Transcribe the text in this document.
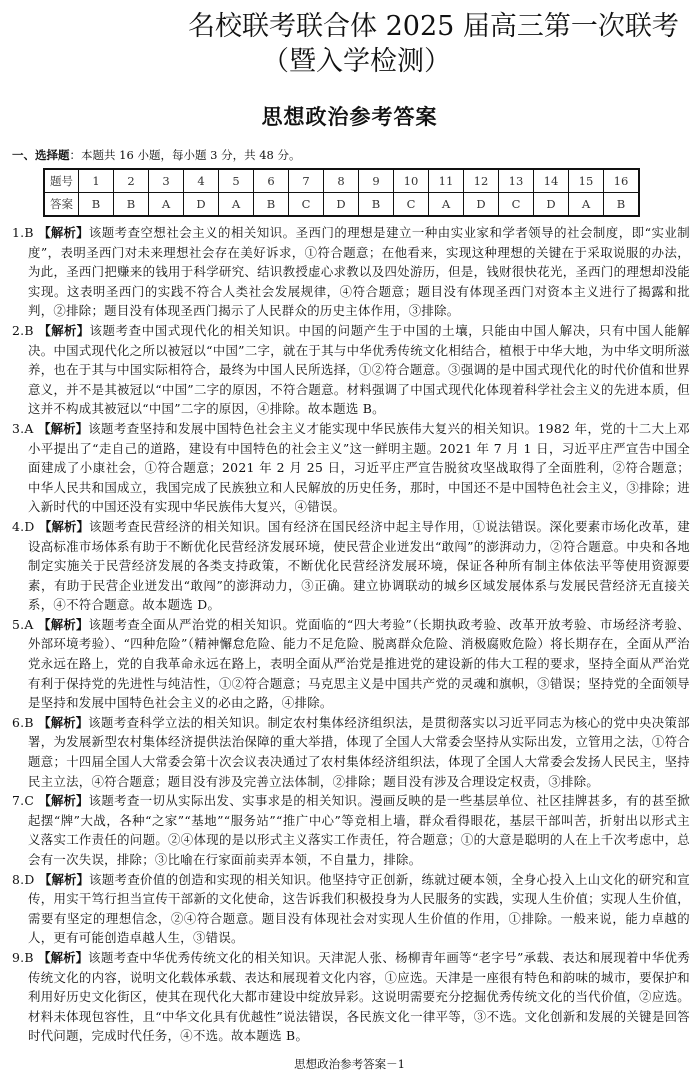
名校联考联合体 2025 届高三第一次联考
（暨入学检测）
思想政治参考答案
一、选择题：本题共 16 小题，每小题 3 分，共 48 分。
题号	1	2	3	4	5	6	7	8	9	10	11	12	13	14	15	16
答案	B	B	A	D	A	B	C	D	B	C	A	D	C	D	A	B
1.B 【解析】该题考查空想社会主义的相关知识。圣西门的理想是建立一种由实业家和学者领导的社会制度，即“实业制度”，表明圣西门对未来理想社会存在美好诉求，①符合题意；在他看来，实现这种理想的关键在于采取说服的办法，为此，圣西门把赚来的钱用于科学研究、结识教授虚心求教以及四处游历，但是，钱财很快花光，圣西门的理想却没能实现。这表明圣西门的实践不符合人类社会发展规律，④符合题意；题目没有体现圣西门对资本主义进行了揭露和批判，②排除；题目没有体现圣西门揭示了人民群众的历史主体作用，③排除。
2.B 【解析】该题考查中国式现代化的相关知识。中国的问题产生于中国的土壤，只能由中国人解决，只有中国人能解决。中国式现代化之所以被冠以“中国”二字，就在于其与中华优秀传统文化相结合，植根于中华大地，为中华文明所滋养，也在于其与中国实际相符合，最终为中国人民所选择，①②符合题意。③强调的是中国式现代化的时代价值和世界意义，并不是其被冠以“中国”二字的原因，不符合题意。材料强调了中国式现代化体现着科学社会主义的先进本质，但这并不构成其被冠以“中国”二字的原因，④排除。故本题选 B。
3.A 【解析】该题考查坚持和发展中国特色社会主义才能实现中华民族伟大复兴的相关知识。1982 年，党的十二大上邓小平提出了“走自己的道路，建设有中国特色的社会主义”这一鲜明主题。2021 年 7 月 1 日，习近平庄严宣告中国全面建成了小康社会，①符合题意；2021 年 2 月 25 日，习近平庄严宣告脱贫攻坚战取得了全面胜利，②符合题意；中华人民共和国成立，我国完成了民族独立和人民解放的历史任务，那时，中国还不是中国特色社会主义，③排除；进入新时代的中国还没有实现中华民族伟大复兴，④错误。
4.D 【解析】该题考查民营经济的相关知识。国有经济在国民经济中起主导作用，①说法错误。深化要素市场化改革，建设高标准市场体系有助于不断优化民营经济发展环境，使民营企业迸发出“敢闯”的澎湃动力，②符合题意。中央和各地制定实施关于民营经济发展的各类支持政策，不断优化民营经济发展环境，保证各种所有制主体依法平等使用资源要素，有助于民营企业迸发出“敢闯”的澎湃动力，③正确。建立协调联动的城乡区域发展体系与发展民营经济无直接关系，④不符合题意。故本题选 D。
5.A 【解析】该题考查全面从严治党的相关知识。党面临的“四大考验”（长期执政考验、改革开放考验、市场经济考验、外部环境考验）、“四种危险”（精神懈怠危险、能力不足危险、脱离群众危险、消极腐败危险）将长期存在，全面从严治党永远在路上，党的自我革命永远在路上，表明全面从严治党是推进党的建设新的伟大工程的要求，坚持全面从严治党有利于保持党的先进性与纯洁性，①②符合题意；马克思主义是中国共产党的灵魂和旗帜，③错误；坚持党的全面领导是坚持和发展中国特色社会主义的必由之路，④排除。
6.B 【解析】该题考查科学立法的相关知识。制定农村集体经济组织法，是贯彻落实以习近平同志为核心的党中央决策部署，为发展新型农村集体经济提供法治保障的重大举措，体现了全国人大常委会坚持从实际出发，立管用之法，①符合题意；十四届全国人大常委会第十次会议表决通过了农村集体经济组织法，体现了全国人大常委会发扬人民民主，坚持民主立法，④符合题意；题目没有涉及完善立法体制，②排除；题目没有涉及合理设定权责，③排除。
7.C 【解析】该题考查一切从实际出发、实事求是的相关知识。漫画反映的是一些基层单位、社区挂牌甚多，有的甚至掀起摆“牌”大战，各种“之家”“基地”“服务站”“推广中心”等竞相上墙，群众看得眼花，基层干部叫苦，折射出以形式主义落实工作责任的问题。②④体现的是以形式主义落实工作责任，符合题意；①的大意是聪明的人在上千次考虑中，总会有一次失误，排除；③比喻在行家面前卖弄本领，不自量力，排除。
8.D 【解析】该题考查价值的创造和实现的相关知识。他坚持守正创新，练就过硬本领，全身心投入上山文化的研究和宣传，用实干笃行担当宣传干部新的文化使命，这告诉我们积极投身为人民服务的实践，实现人生价值；实现人生价值，需要有坚定的理想信念，②④符合题意。题目没有体现社会对实现人生价值的作用，①排除。一般来说，能力卓越的人，更有可能创造卓越人生，③错误。
9.B 【解析】该题考查中华优秀传统文化的相关知识。天津泥人张、杨柳青年画等“老字号”承载、表达和展现着中华优秀传统文化的内容，说明文化载体承载、表达和展现着文化内容，①应选。天津是一座很有特色和韵味的城市，要保护和利用好历史文化街区，使其在现代化大都市建设中绽放异彩。这说明需要充分挖掘优秀传统文化的当代价值，②应选。材料未体现包容性，且“中华文化具有优越性”说法错误，各民族文化一律平等，③不选。文化创新和发展的关键是回答时代问题，完成时代任务，④不选。故本题选 B。
思想政治参考答案－1
